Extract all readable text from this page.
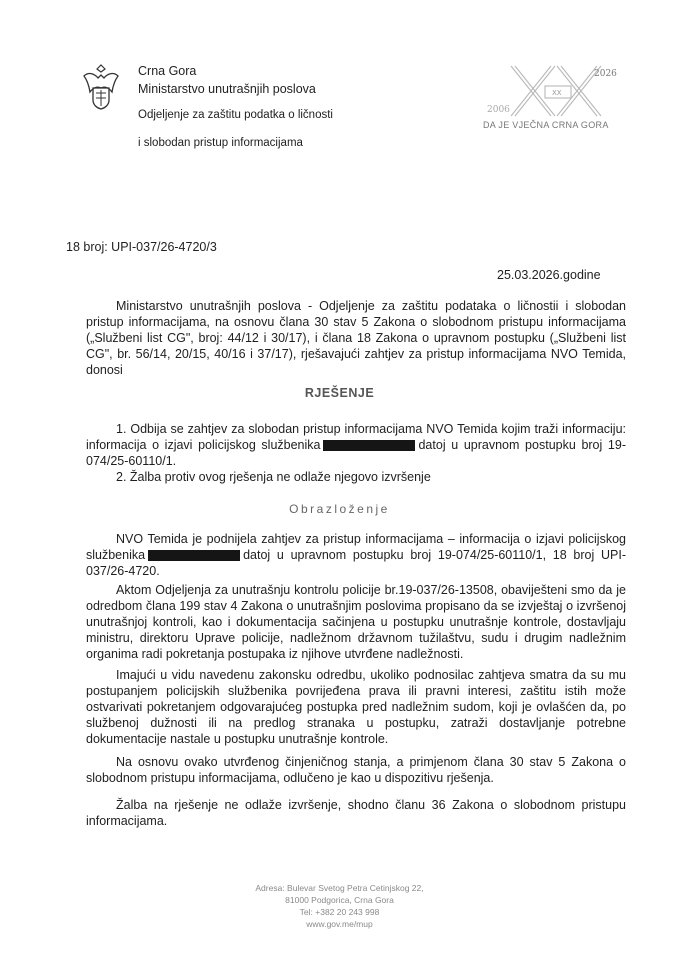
Crna Gora
Ministarstvo unutrašnjih poslova
Odjeljenje za zaštitu podatka o ličnosti
i slobodan pristup informacijama
2026
2006
XX
DA JE VJEČNA CRNA GORA
18 broj: UPI-037/26-4720/3
25.03.2026.godine
Ministarstvo unutrašnjih poslova - Odjeljenje za zaštitu podataka o ličnostii i slobodan pristup informacijama, na osnovu člana 30 stav 5 Zakona o slobodnom pristupu informacijama („Službeni list CG", broj: 44/12 i 30/17), i člana 18 Zakona o upravnom postupku („Službeni list CG", br. 56/14, 20/15, 40/16 i 37/17), rješavajući zahtjev za pristup informacijama NVO Temida, donosi
RJEŠENJE
1. Odbija se zahtjev za slobodan pristup informacijama NVO Temida kojim traži informaciju: informacija o izjavi policijskog službenika	datoj u upravnom postupku broj 19-074/25-60110/1.
2. Žalba protiv ovog rješenja ne odlaže njegovo izvršenje
Obrazloženje
NVO Temida je podnijela zahtjev za pristup informacijama – informacija o izjavi policijskog službenika	datoj u upravnom postupku broj 19-074/25-60110/1, 18 broj UPI-037/26-4720.
Aktom Odjeljenja za unutrašnju kontrolu policije br.19-037/26-13508, obaviješteni smo da je odredbom člana 199 stav 4 Zakona o unutrašnjim poslovima propisano da se izvještaj o izvršenoj unutrašnjoj kontroli, kao i dokumentacija sačinjena u postupku unutrašnje kontrole, dostavljaju ministru, direktoru Uprave policije, nadležnom državnom tužilaštvu, sudu i drugim nadležnim organima radi pokretanja postupaka iz njihove utvrđene nadležnosti.
Imajući u vidu navedenu zakonsku odredbu, ukoliko podnosilac zahtjeva smatra da su mu postupanjem policijskih službenika povrijeđena prava ili pravni interesi, zaštitu istih može ostvarivati pokretanjem odgovarajućeg postupka pred nadležnim sudom, koji je ovlašćen da, po službenoj dužnosti ili na predlog stranaka u postupku, zatraži dostavljanje potrebne dokumentacije nastale u postupku unutrašnje kontrole.
Na osnovu ovako utvrđenog činjeničnog stanja, a primjenom člana 30 stav 5 Zakona o slobodnom pristupu informacijama, odlučeno je kao u dispozitivu rješenja.
Žalba na rješenje ne odlaže izvršenje, shodno članu 36 Zakona o slobodnom pristupu informacijama.
Adresa: Bulevar Svetog Petra Cetinjskog 22,
81000 Podgorica, Crna Gora
Tel: +382 20 243 998
www.gov.me/mup
